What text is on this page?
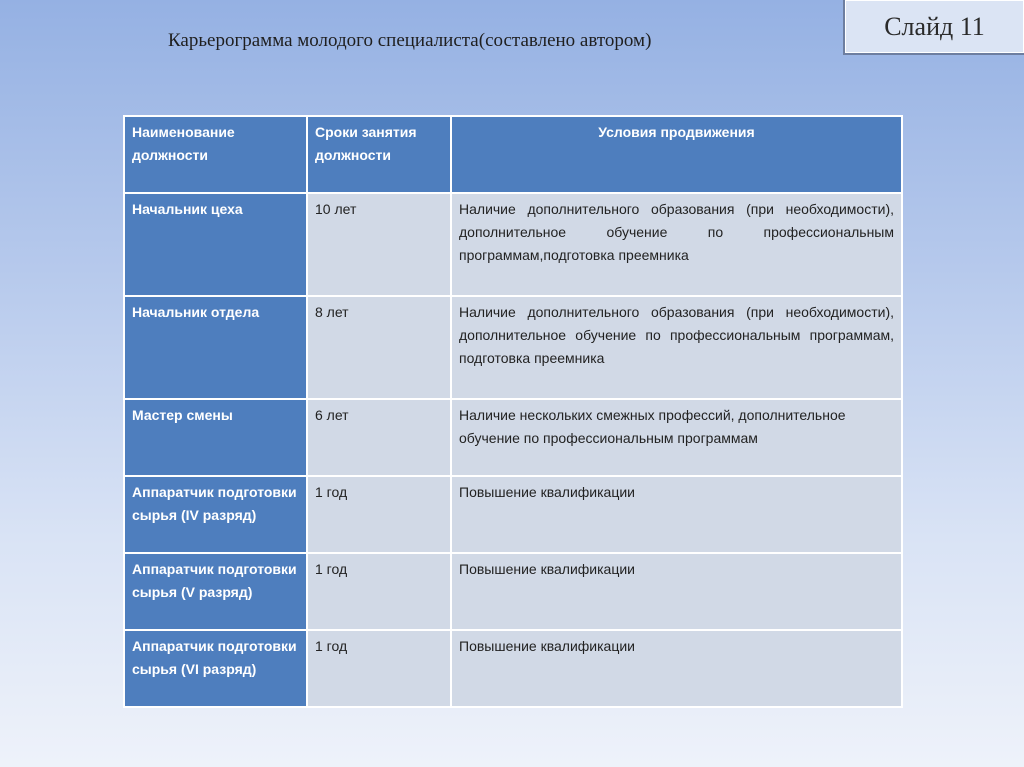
Слайд 11
Карьерограмма молодого специалиста(составлено автором)
Наименование должности	Сроки занятия должности	Условия продвижения
Начальник цеха	10 лет	Наличие дополнительного образования (при необходимости), дополнительное обучение по профессиональным программам,подготовка преемника
Начальник отдела	8 лет	Наличие дополнительного образования (при необходимости), дополнительное обучение по профессиональным программам, подготовка преемника
Мастер смены	6 лет	Наличие нескольких смежных профессий, дополнительное обучение по профессиональным программам
Аппаратчик подготовки сырья (IV разряд)	1 год	Повышение квалификации
Аппаратчик подготовки сырья (V разряд)	1 год	Повышение квалификации
Аппаратчик подготовки сырья (VI разряд)	1 год	Повышение квалификации
